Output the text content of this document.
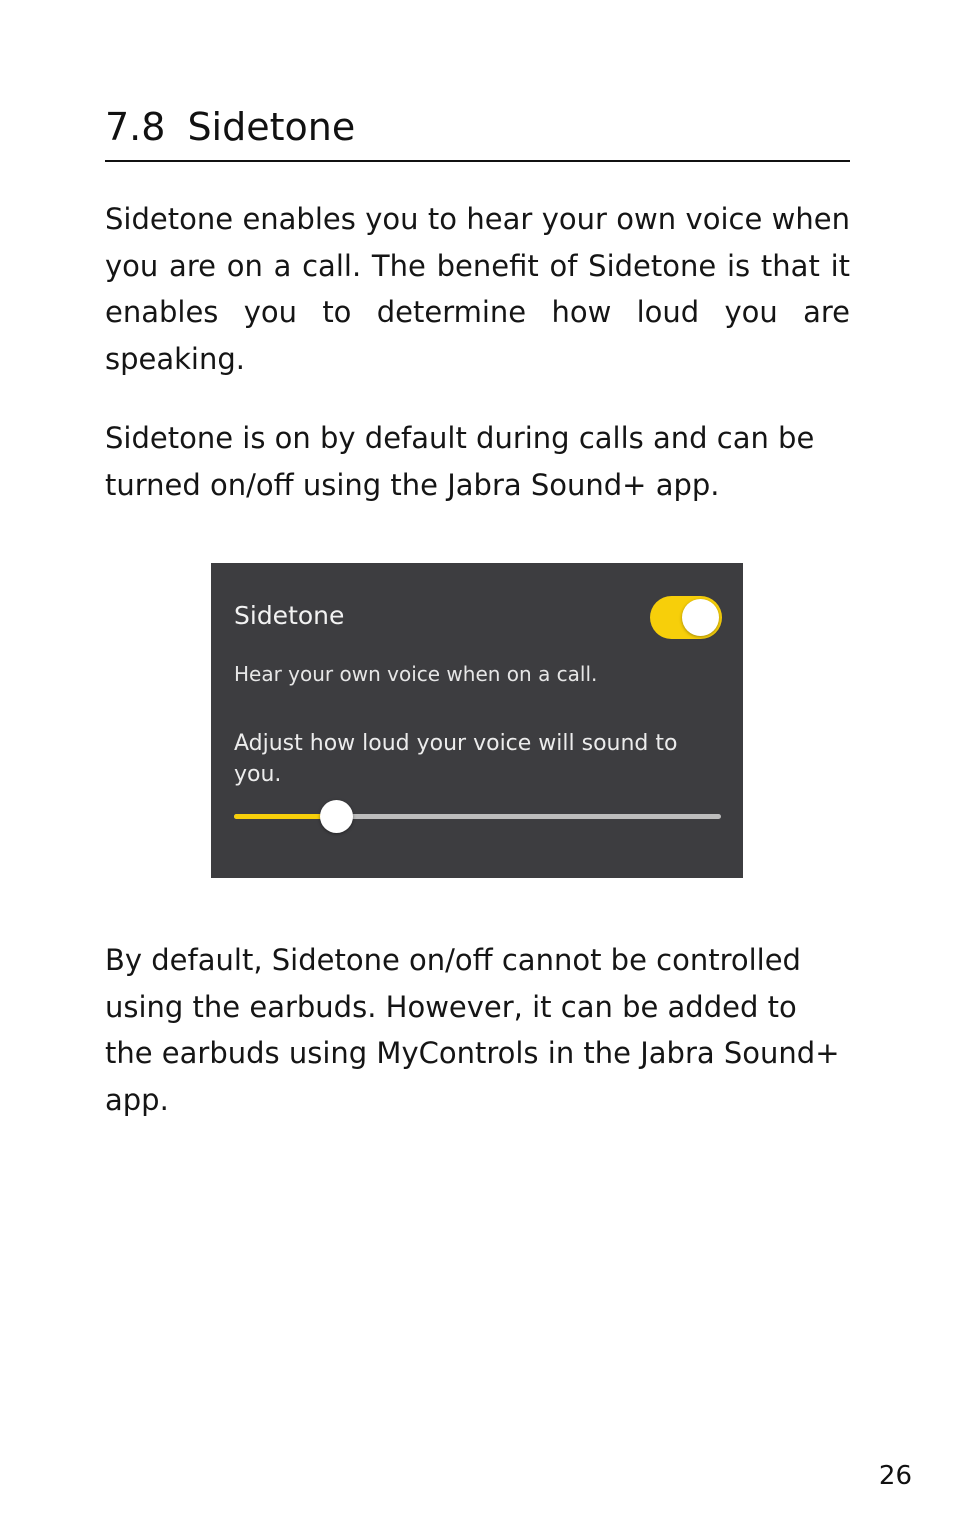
7.8 Sidetone

Sidetone enables you to hear your own voice when you are on a call. The benefit of Sidetone is that it enables you to determine how loud you are speaking.

Sidetone is on by default during calls and can be turned on/off using the Jabra Sound+ app.

Sidetone
Hear your own voice when on a call.
Adjust how loud your voice will sound to you.

By default, Sidetone on/off cannot be controlled using the earbuds. However, it can be added to the earbuds using MyControls in the Jabra Sound+ app.

26
